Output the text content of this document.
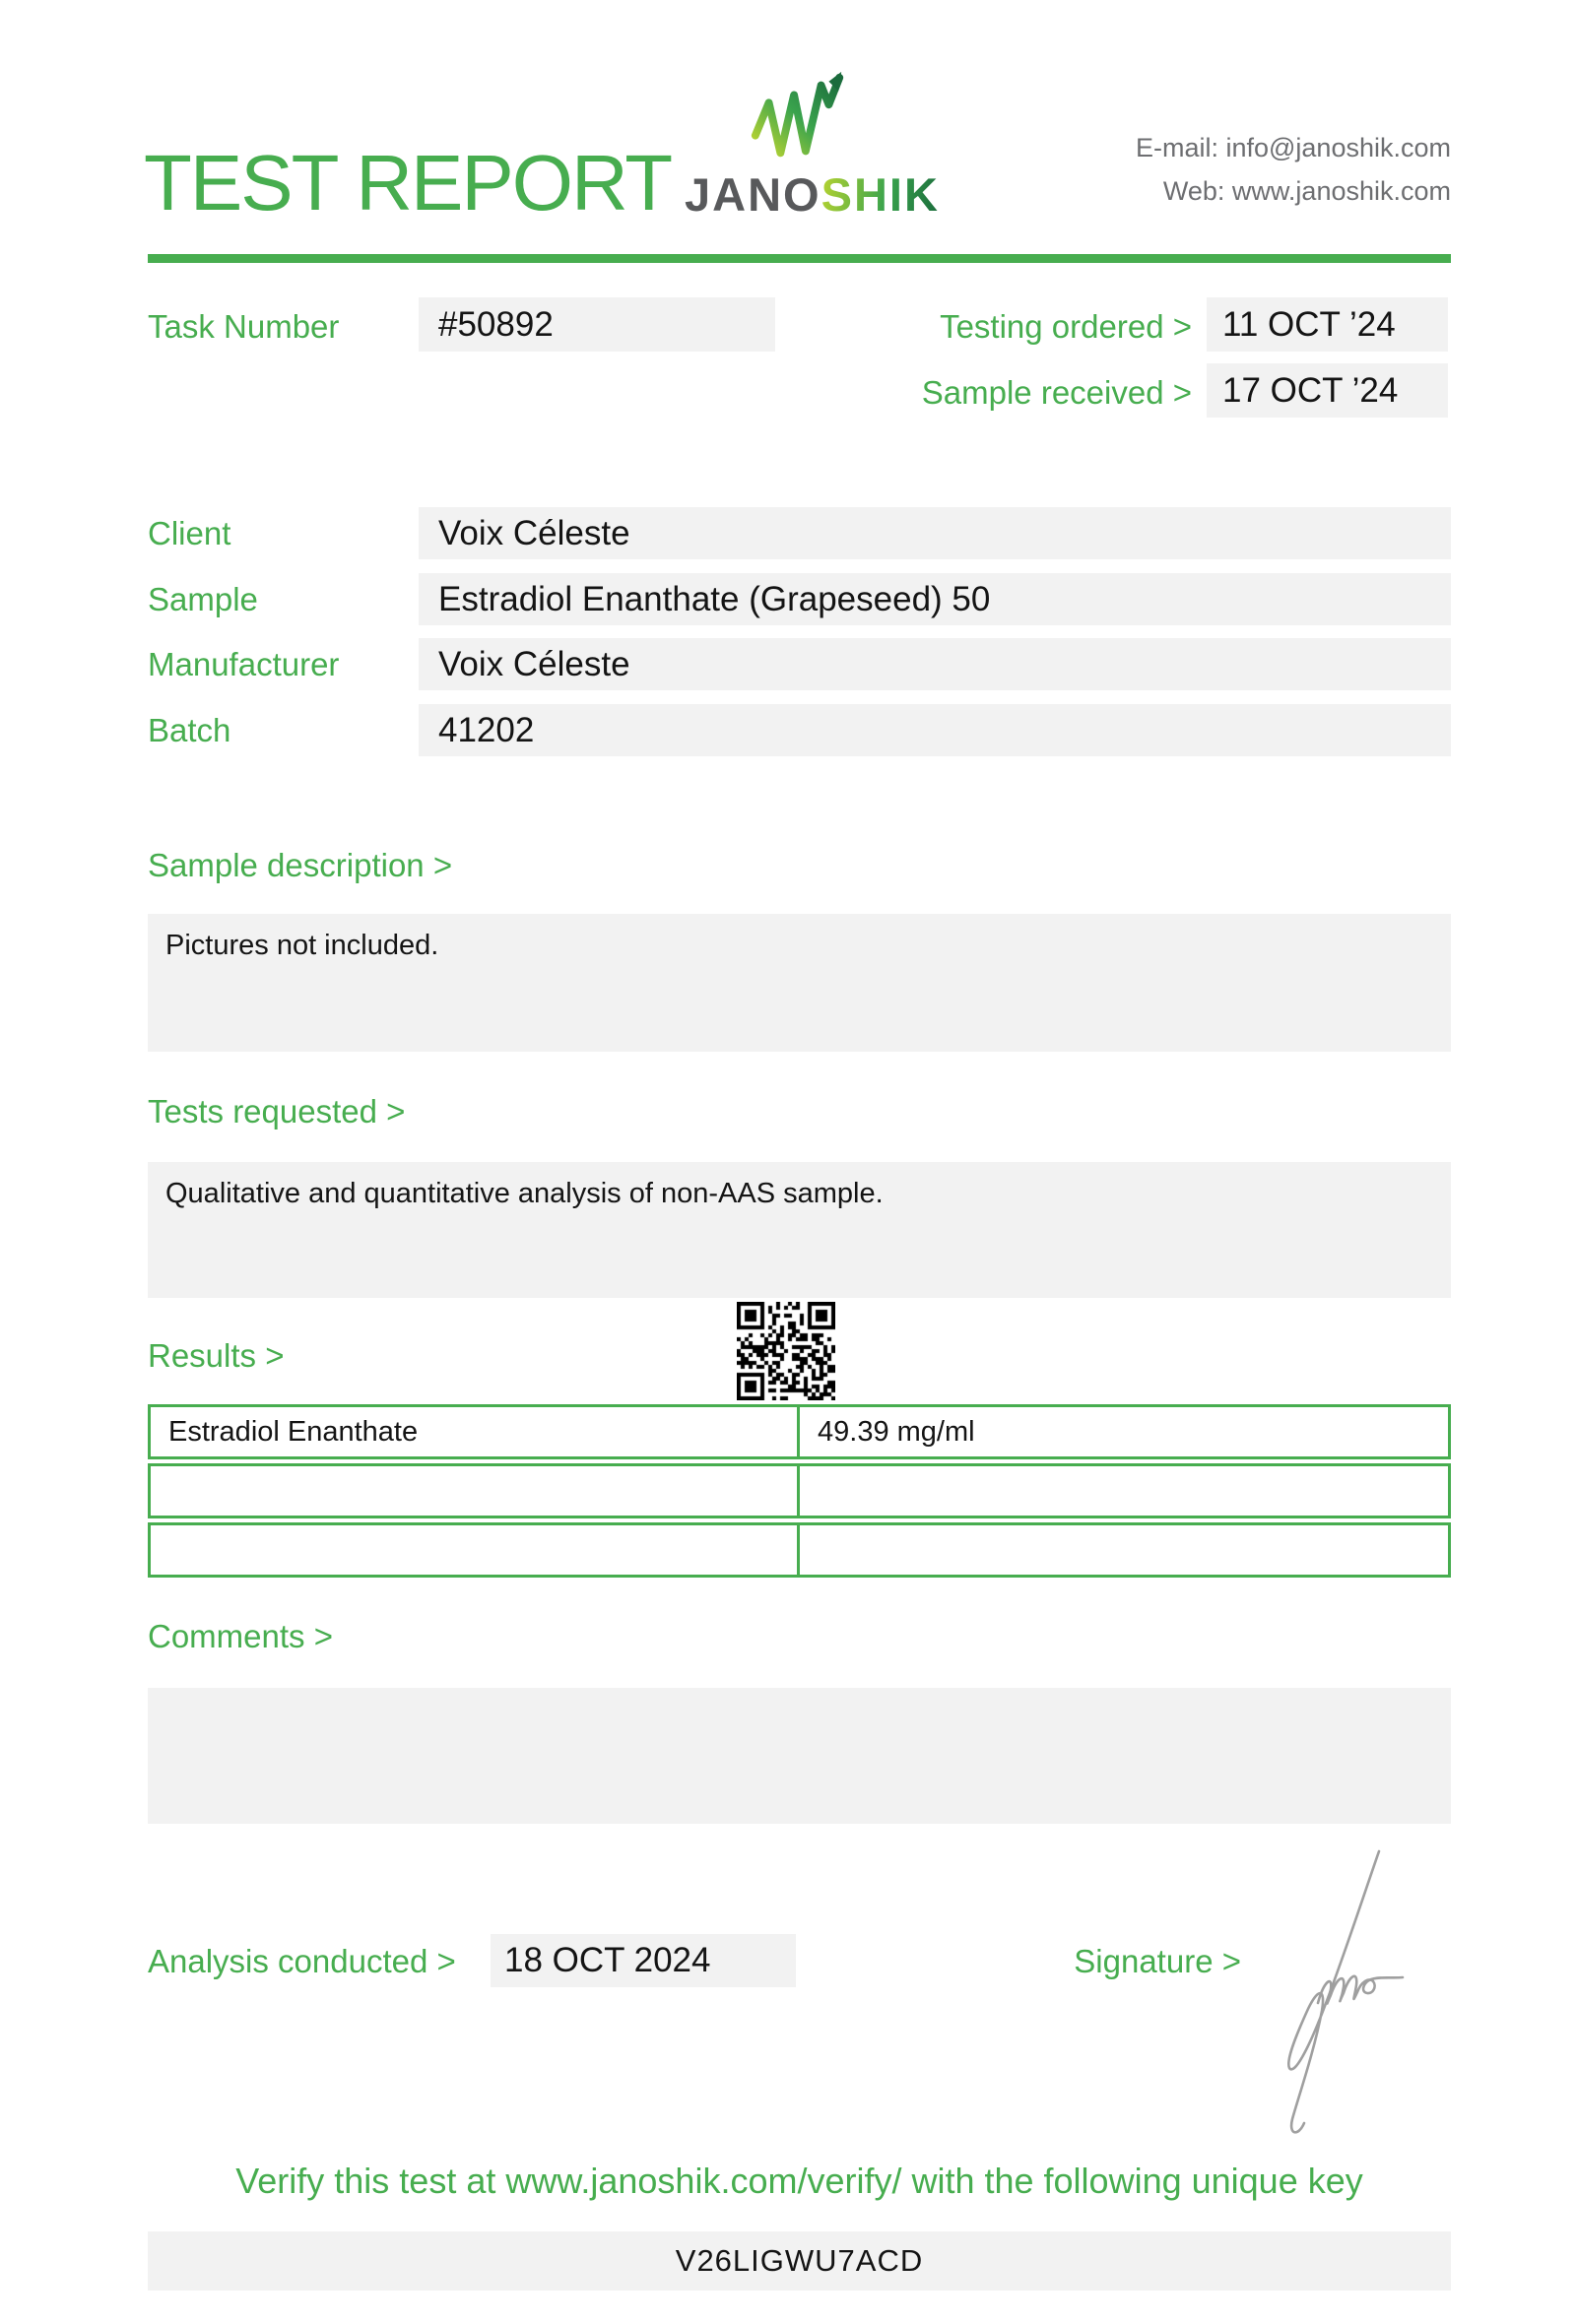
TEST REPORT JANOSHIK
E-mail: info@janoshik.com
Web: www.janoshik.com
Task Number	#50892	Testing ordered > 11 OCT ’24
Sample received > 17 OCT ’24
Client	Voix Céleste
Sample	Estradiol Enanthate (Grapeseed) 50
Manufacturer	Voix Céleste
Batch	41202
Sample description >
Pictures not included.
Tests requested >
Qualitative and quantitative analysis of non-AAS sample.
Results >
Estradiol Enanthate	49.39 mg/ml
Comments >
Analysis conducted > 18 OCT 2024	Signature >
Verify this test at www.janoshik.com/verify/ with the following unique key
V26LIGWU7ACD
